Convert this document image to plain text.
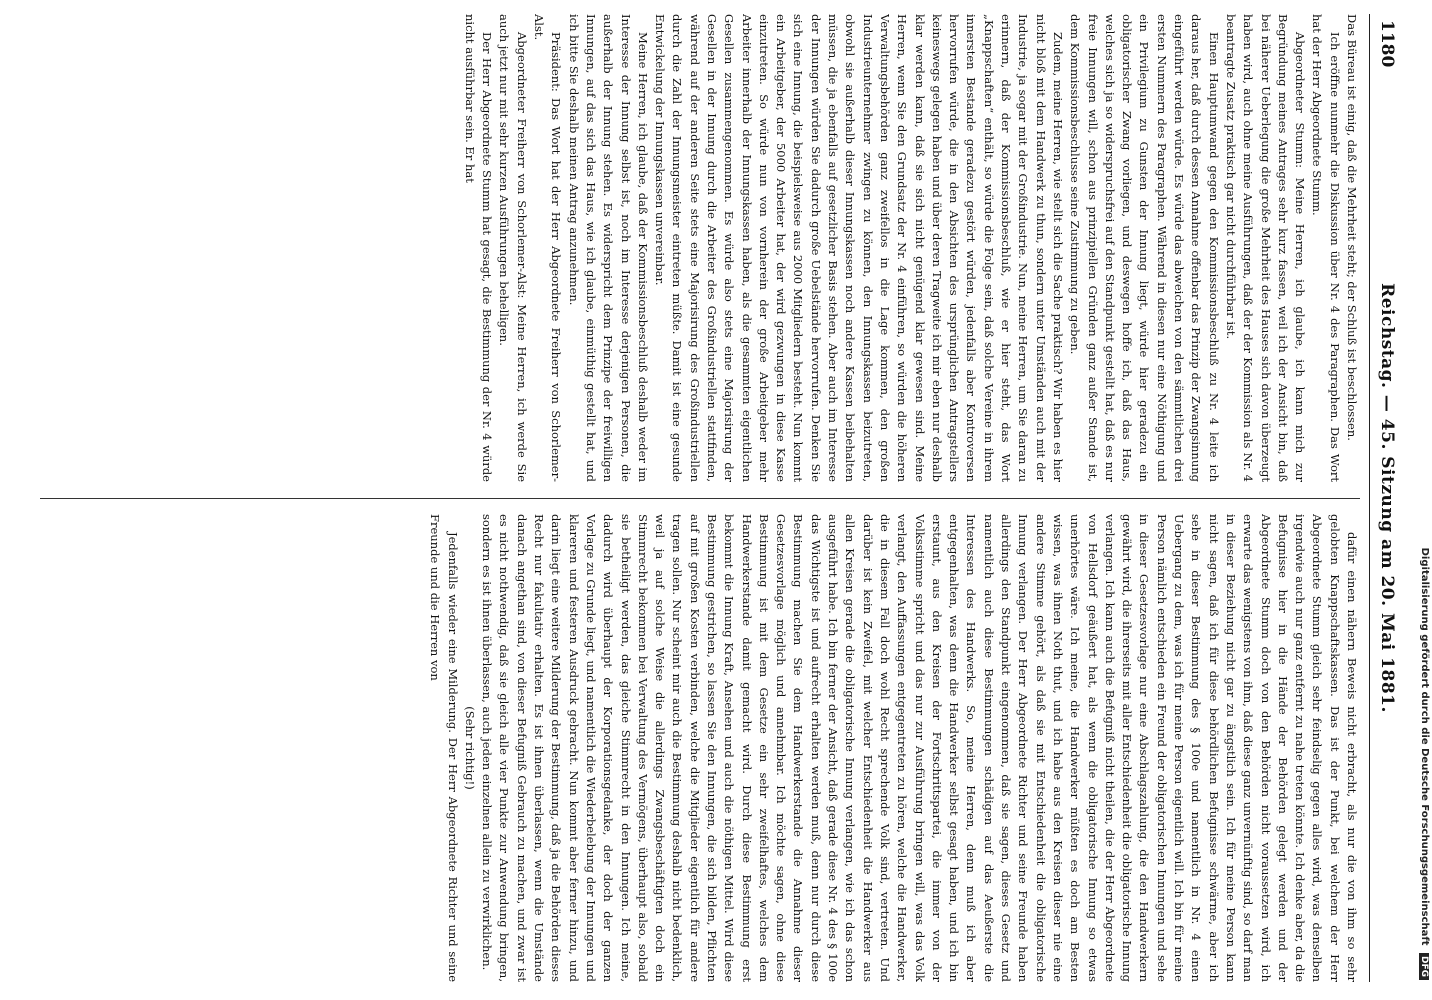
1180
Reichstag. — 45. Sitzung am 20. Mai 1881.

Das Büreau ist einig, daß die Mehrheit steht; der Schluß ist beschlossen.

Ich eröffne nunmehr die Diskussion über Nr. 4 des Paragraphen. Das Wort hat der Herr Abgeordnete Stumm.

Abgeordneter Stumm: Meine Herren, ich glaube, ich kann mich zur Begründung meines Antrages sehr kurz fassen, weil ich der Ansicht bin, daß bei näherer Ueberlegung die große Mehrheit des Hauses sich davon überzeugt haben wird, auch ohne meine Ausführungen, daß der der Kommission als Nr. 4 beantragte Zusatz praktisch gar nicht durchführbar ist.

Einen Hauptumwand gegen den Kommissionsbeschluß zu Nr. 4 leite ich daraus her, daß durch dessen Annahme offenbar das Prinzip der Zwangsinnung eingeführt werden würde. Es würde das abweichen von den sämmtlichen drei ersten Nummern des Paragraphen. Während in diesen nur eine Nöthigung und ein Privilegium zu Gunsten der Innung liegt, würde hier geradezu ein obligatorischer Zwang vorliegen, und deswegen hoffe ich, daß das Haus, welches sich ja so widerspruchsfrei auf den Standpunkt gestellt hat, daß es nur freie Innungen will, schon aus prinzipiellen Gründen ganz außer Stande ist, dem Kommissionsbeschlusse seine Zustimmung zu geben.

Zudem, meine Herren, wie stellt sich die Sache praktisch? Wir haben es hier nicht bloß mit dem Handwerk zu thun, sondern unter Umständen auch mit der Industrie, ja sogar mit der Großindustrie. Nun, meine Herren, um Sie daran zu erinnern, daß der Kommissionsbeschluß, wie er hier steht, das Wort „Knappschaften“ enthält, so würde die Folge sein, daß solche Vereine in ihrem innersten Bestande geradezu gestört würden, jedenfalls aber Kontroversen hervorrufen würde, die in den Absichten des ursprünglichen Antragstellers keineswegs gelegen haben und über deren Tragweite ich mir eben nur deshalb klar werden kann, daß sie sich nicht genügend klar gewesen sind. Meine Herren, wenn Sie den Grundsatz der Nr. 4 einführen, so würden die höheren Verwaltungsbehörden ganz zweifellos in die Lage kommen, den großen Industrieunternehmer zwingen zu können, den Innungskassen beizutreten, obwohl sie außerhalb dieser Innungskassen noch andere Kassen beibehalten müssen, die ja ebenfalls auf gesetzlicher Basis stehen. Aber auch im Interesse der Innungen würden Sie dadurch große Uebelstände hervorrufen. Denken Sie sich eine Innung, die beispielsweise aus 2000 Mitgliedern besteht. Nun kommt ein Arbeitgeber, der 5000 Arbeiter hat, der wird gezwungen in diese Kasse einzutreten. So würde nun von vornherein der große Arbeitgeber mehr Arbeiter innerhalb der Innungskassen haben, als die gesammten eigentlichen Gesellen zusammengenommen. Es würde also stets eine Majorisirung der Gesellen in der Innung durch die Arbeiter des Großindustriellen stattfinden, während auf der anderen Seite stets eine Majorisirung des Großindustriellen durch die Zahl der Innungsmeister eintreten müßte. Damit ist eine gesunde Entwickelung der Innungskassen unvereinbar.

Meine Herren, ich glaube, daß der Kommissionsbeschluß deshalb weder im Interesse der Innung selbst ist, noch im Interesse derjenigen Personen, die außerhalb der Innung stehen. Es widerspricht dem Prinzipe der freiwilligen Innungen, auf das sich das Haus, wie ich glaube, einmüthig gestellt hat, und ich bitte Sie deshalb meinen Antrag anzunehmen.

Präsident: Das Wort hat der Herr Abgeordnete Freiherr von Schorlemer-Alst.

Abgeordneter Freiherr von Schorlemer-Alst: Meine Herren, ich werde Sie auch jetzt nur mit sehr kurzen Ausführungen behelligen.

Der Herr Abgeordnete Stumm hat gesagt, die Bestimmung der Nr. 4 würde nicht ausführbar sein. Er hat

dafür einen nähern Beweis nicht erbracht, als nur die von ihm so sehr gelobten Knappschaftskassen. Das ist der Punkt, bei welchem der Herr Abgeordnete Stumm gleich sehr feindselig gegen alles wird, was denselben irgendwie auch nur ganz entfernt zu nahe treten könnte. Ich denke aber, da die Befugnisse hier in die Hände der Behörden gelegt werden und der Abgeordnete Stumm doch von den Behörden nicht voraussetzen wird, ich erwarte das wenigstens von ihm, daß diese ganz unvernünftig sind, so darf man in dieser Beziehung nicht gar zu ängstlich sein. Ich für meine Person kann nicht sagen, daß ich für diese behördlichen Befugnisse schwärme, aber ich sehe in dieser Bestimmung des § 100e und namentlich in Nr. 4 einen Uebergang zu dem, was ich für meine Person eigentlich will. Ich bin für meine Person nämlich entschieden ein Freund der obligatorischen Innungen und sehe in dieser Gesetzesvorlage nur eine Abschlagszahlung, die den Handwerkern gewährt wird, die ihrerseits mit aller Entschiedenheit die obligatorische Innung verlangen. Ich kann auch die Befugniß nicht theilen, die der Herr Abgeordnete von Hellsdorf geäußert hat, als wenn die obligatorische Innung so etwas unerhörtes wäre. Ich meine, die Handwerker müßten es doch am Besten wissen, was ihnen Noth thut, und ich habe aus den Kreisen dieser nie eine andere Stimme gehört, als daß sie mit Entschiedenheit die obligatorische Innung verlangen. Der Herr Abgeordnete Richter und seine Freunde haben allerdings den Standpunkt eingenommen, daß sie sagen, dieses Gesetz und namentlich auch diese Bestimmungen schädigen auf das Aeußerste die Interessen des Handwerks. So, meine Herren, denn muß ich aber entgegenhalten, was denn die Handwerker selbst gesagt haben, und ich bin erstaunt, aus den Kreisen der Fortschrittspartei, die immer von der Volksstimme spricht und das nur zur Ausführung bringen will, was das Volk verlangt, den Auffassungen entgegentreten zu hören, welche die Handwerker, die in diesem Fall doch wohl Recht sprechende Volk sind, vertreten. Und darüber ist kein Zweifel, mit welcher Entschiedenheit die Handwerker aus allen Kreisen gerade die obligatorische Innung verlangen, wie ich das schon ausgeführt habe. Ich bin ferner der Ansicht, daß gerade diese Nr. 4 des § 100e das Wichtigste ist und aufrecht erhalten werden muß, denn nur durch diese Bestimmung machen Sie dem Handwerkerstande die Annahme dieser Gesetzesvorlage möglich und annehmbar. Ich möchte sagen, ohne diese Bestimmung ist mit dem Gesetze ein sehr zweifelhaftes, welches dem Handwerkerstande damit gemacht wird. Durch diese Bestimmung erst bekommt die Innung Kraft, Ansehen und auch die nöthigen Mittel. Wird diese Bestimmung gestrichen, so lassen Sie den Innungen, die sich bilden, Pflichten auf mit großen Kosten verbinden, welche die Mitglieder eigentlich für andere tragen sollen. Nur scheint mir auch die Bestimmung deshalb nicht bedenklich, weil ja auf solche Weise die allerdings Zwangsbeschäftigten doch ein Stimmrecht bekommen bei Verwaltung des Vermögens, überhaupt also, sobald sie betheiligt werden, das gleiche Stimmrecht in den Innungen. Ich meine, dadurch wird überhaupt der Korporationsgedanke, der doch der ganzen Vorlage zu Grunde liegt, und namentlich die Wiederbelebung der Innungen und klareren und festeren Ausdruck gebracht. Nun kommt aber ferner hinzu, und darin liegt eine weitere Milderung der Bestimmung, daß ja die Behörden dieses Recht nur fakultativ erhalten. Es ist ihnen überlassen, wenn die Umstände danach angethan sind, von dieser Befugniß Gebrauch zu machen, und zwar ist es nicht nothwendig, daß sie gleich alle vier Punkte zur Anwendung bringen, sondern es ist ihnen überlassen, auch jeden einzelnen allein zu verwirklichen.

(Sehr richtig!)

Jedenfalls wieder eine Milderung. Der Herr Abgeordnete Richter und seine Freunde und die Herren von	Digitalisierung gefördert durch die Deutsche Forschungsgemeinschaft DFG
